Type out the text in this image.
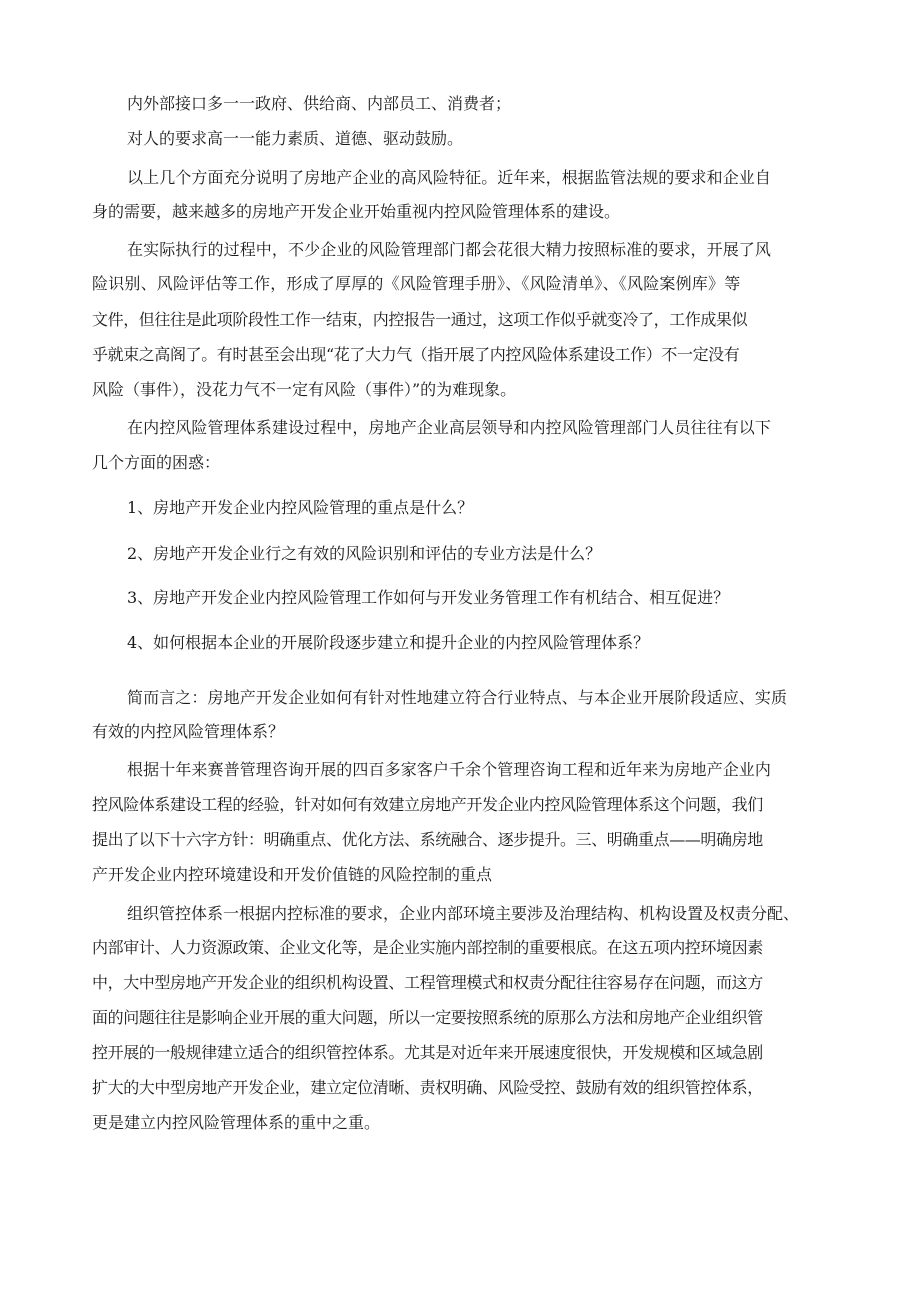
内外部接口多一一政府、供给商、内部员工、消费者；

对人的要求高一一能力素质、道德、驱动鼓励。

以上几个方面充分说明了房地产企业的高风险特征。近年来，根据监管法规的要求和企业自

身的需要，越来越多的房地产开发企业开始重视内控风险管理体系的建设。

在实际执行的过程中，不少企业的风险管理部门都会花很大精力按照标准的要求，开展了风

险识别、风险评估等工作，形成了厚厚的《风险管理手册》、《风险清单》、《风险案例库》等

文件，但往往是此项阶段性工作一结束，内控报告一通过，这项工作似乎就变冷了，工作成果似

乎就束之高阁了。有时甚至会出现“花了大力气（指开展了内控风险体系建设工作）不一定没有

风险（事件），没花力气不一定有风险（事件）”的为难现象。

在内控风险管理体系建设过程中，房地产企业高层领导和内控风险管理部门人员往往有以下

几个方面的困惑：

1、房地产开发企业内控风险管理的重点是什么？

2、房地产开发企业行之有效的风险识别和评估的专业方法是什么？

3、房地产开发企业内控风险管理工作如何与开发业务管理工作有机结合、相互促进？

4、如何根据本企业的开展阶段逐步建立和提升企业的内控风险管理体系？

简而言之：房地产开发企业如何有针对性地建立符合行业特点、与本企业开展阶段适应、实质

有效的内控风险管理体系？

根据十年来赛普管理咨询开展的四百多家客户千余个管理咨询工程和近年来为房地产企业内

控风险体系建设工程的经验，针对如何有效建立房地产开发企业内控风险管理体系这个问题，我们

提出了以下十六字方针：明确重点、优化方法、系统融合、逐步提升。三、明确重点——明确房地

产开发企业内控环境建设和开发价值链的风险控制的重点

组织管控体系一根据内控标准的要求，企业内部环境主要涉及治理结构、机构设置及权责分配、

内部审计、人力资源政策、企业文化等，是企业实施内部控制的重要根底。在这五项内控环境因素

中，大中型房地产开发企业的组织机构设置、工程管理模式和权责分配往往容易存在问题，而这方

面的问题往往是影响企业开展的重大问题，所以一定要按照系统的原那么方法和房地产企业组织管

控开展的一般规律建立适合的组织管控体系。尤其是对近年来开展速度很快，开发规模和区域急剧

扩大的大中型房地产开发企业，建立定位清晰、责权明确、风险受控、鼓励有效的组织管控体系，

更是建立内控风险管理体系的重中之重。
